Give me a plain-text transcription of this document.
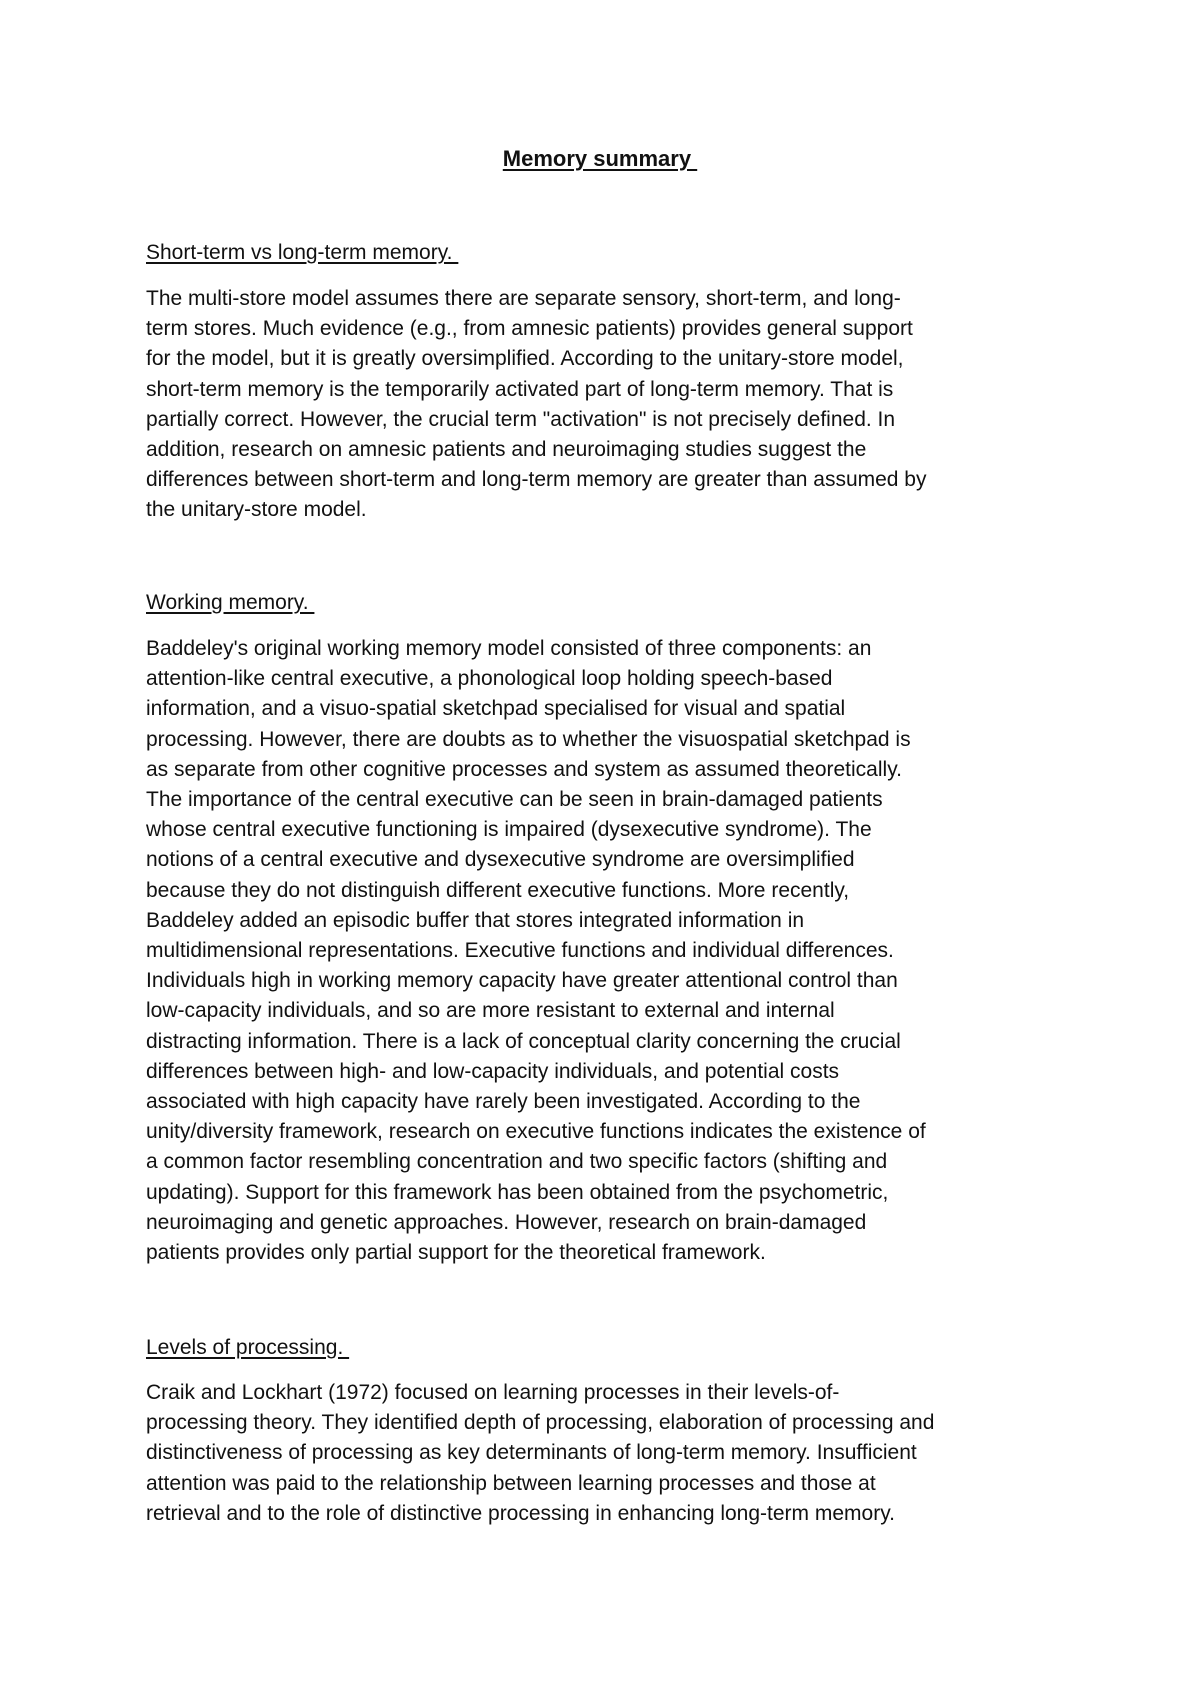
Memory summary
Short-term vs long-term memory.
The multi-store model assumes there are separate sensory, short-term, and long-
term stores. Much evidence (e.g., from amnesic patients) provides general support
for the model, but it is greatly oversimplified. According to the unitary-store model,
short-term memory is the temporarily activated part of long-term memory. That is
partially correct. However, the crucial term "activation" is not precisely defined. In
addition, research on amnesic patients and neuroimaging studies suggest the
differences between short-term and long-term memory are greater than assumed by
the unitary-store model.
Working memory.
Baddeley's original working memory model consisted of three components: an
attention-like central executive, a phonological loop holding speech-based
information, and a visuo-spatial sketchpad specialised for visual and spatial
processing. However, there are doubts as to whether the visuospatial sketchpad is
as separate from other cognitive processes and system as assumed theoretically.
The importance of the central executive can be seen in brain-damaged patients
whose central executive functioning is impaired (dysexecutive syndrome). The
notions of a central executive and dysexecutive syndrome are oversimplified
because they do not distinguish different executive functions. More recently,
Baddeley added an episodic buffer that stores integrated information in
multidimensional representations. Executive functions and individual differences.
Individuals high in working memory capacity have greater attentional control than
low-capacity individuals, and so are more resistant to external and internal
distracting information. There is a lack of conceptual clarity concerning the crucial
differences between high- and low-capacity individuals, and potential costs
associated with high capacity have rarely been investigated. According to the
unity/diversity framework, research on executive functions indicates the existence of
a common factor resembling concentration and two specific factors (shifting and
updating). Support for this framework has been obtained from the psychometric,
neuroimaging and genetic approaches. However, research on brain-damaged
patients provides only partial support for the theoretical framework.
Levels of processing.
Craik and Lockhart (1972) focused on learning processes in their levels-of-
processing theory. They identified depth of processing, elaboration of processing and
distinctiveness of processing as key determinants of long-term memory. Insufficient
attention was paid to the relationship between learning processes and those at
retrieval and to the role of distinctive processing in enhancing long-term memory.
